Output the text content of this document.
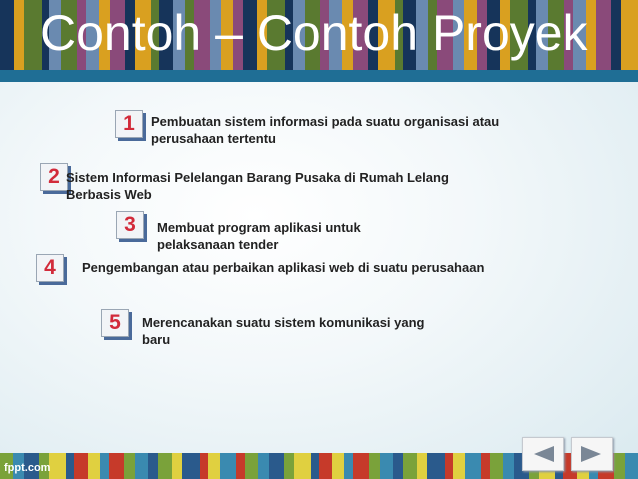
Contoh – Contoh Proyek
1 Pembuatan sistem informasi pada suatu organisasi atau perusahaan tertentu
2 Sistem Informasi Pelelangan Barang Pusaka di Rumah Lelang Berbasis Web
3 Membuat program aplikasi untuk pelaksanaan tender
4 Pengembangan atau perbaikan aplikasi web di suatu perusahaan
5 Merencanakan suatu sistem komunikasi yang baru
fppt.com
